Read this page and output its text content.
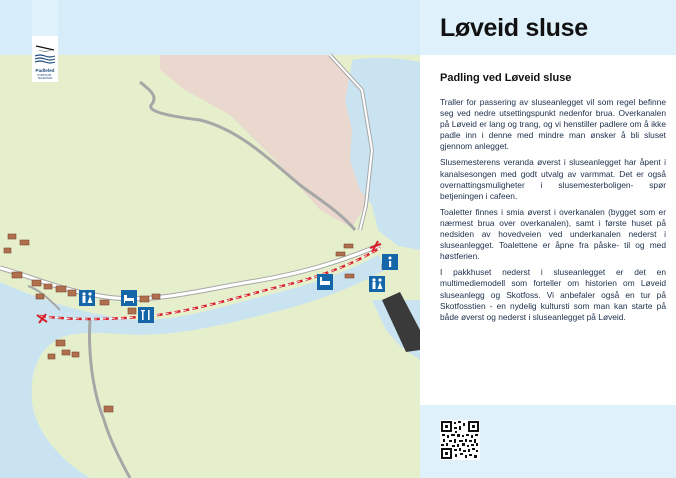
Padleled
NORDSJØ · TELEMARK
Løveid sluse
Padling ved Løveid sluse

Traller for passering av sluseanlegget vil som regel befinne seg ved nedre utsettingspunkt nedenfor brua. Overkanalen på Løveid er lang og trang, og vi henstiller padlere om å ikke padle inn i denne med mindre man ønsker å bli sluset gjennom anlegget.

Slusemesterens veranda øverst i sluseanlegget har åpent i kanalsesongen med godt utvalg av varmmat. Det er også overnattingsmuligheter i slusemesterboligen- spør betjeningen i cafeen.

Toaletter finnes i smia øverst i overkanalen (bygget som er nærmest brua over overkanalen), samt i første huset på nedsiden av hovedveien ved underkanalen nederst i sluseanlegget. Toalettene er åpne fra påske- til og med høstferien.

I pakkhuset nederst i sluseanlegget er det en multimediemodell som forteller om historien om Løveid sluseanlegg og Skotfoss. Vi anbefaler også en tur på Skotfosstien - en nydelig kultursti som man kan starte på både øverst og nederst i sluseanlegget på Løveid.
